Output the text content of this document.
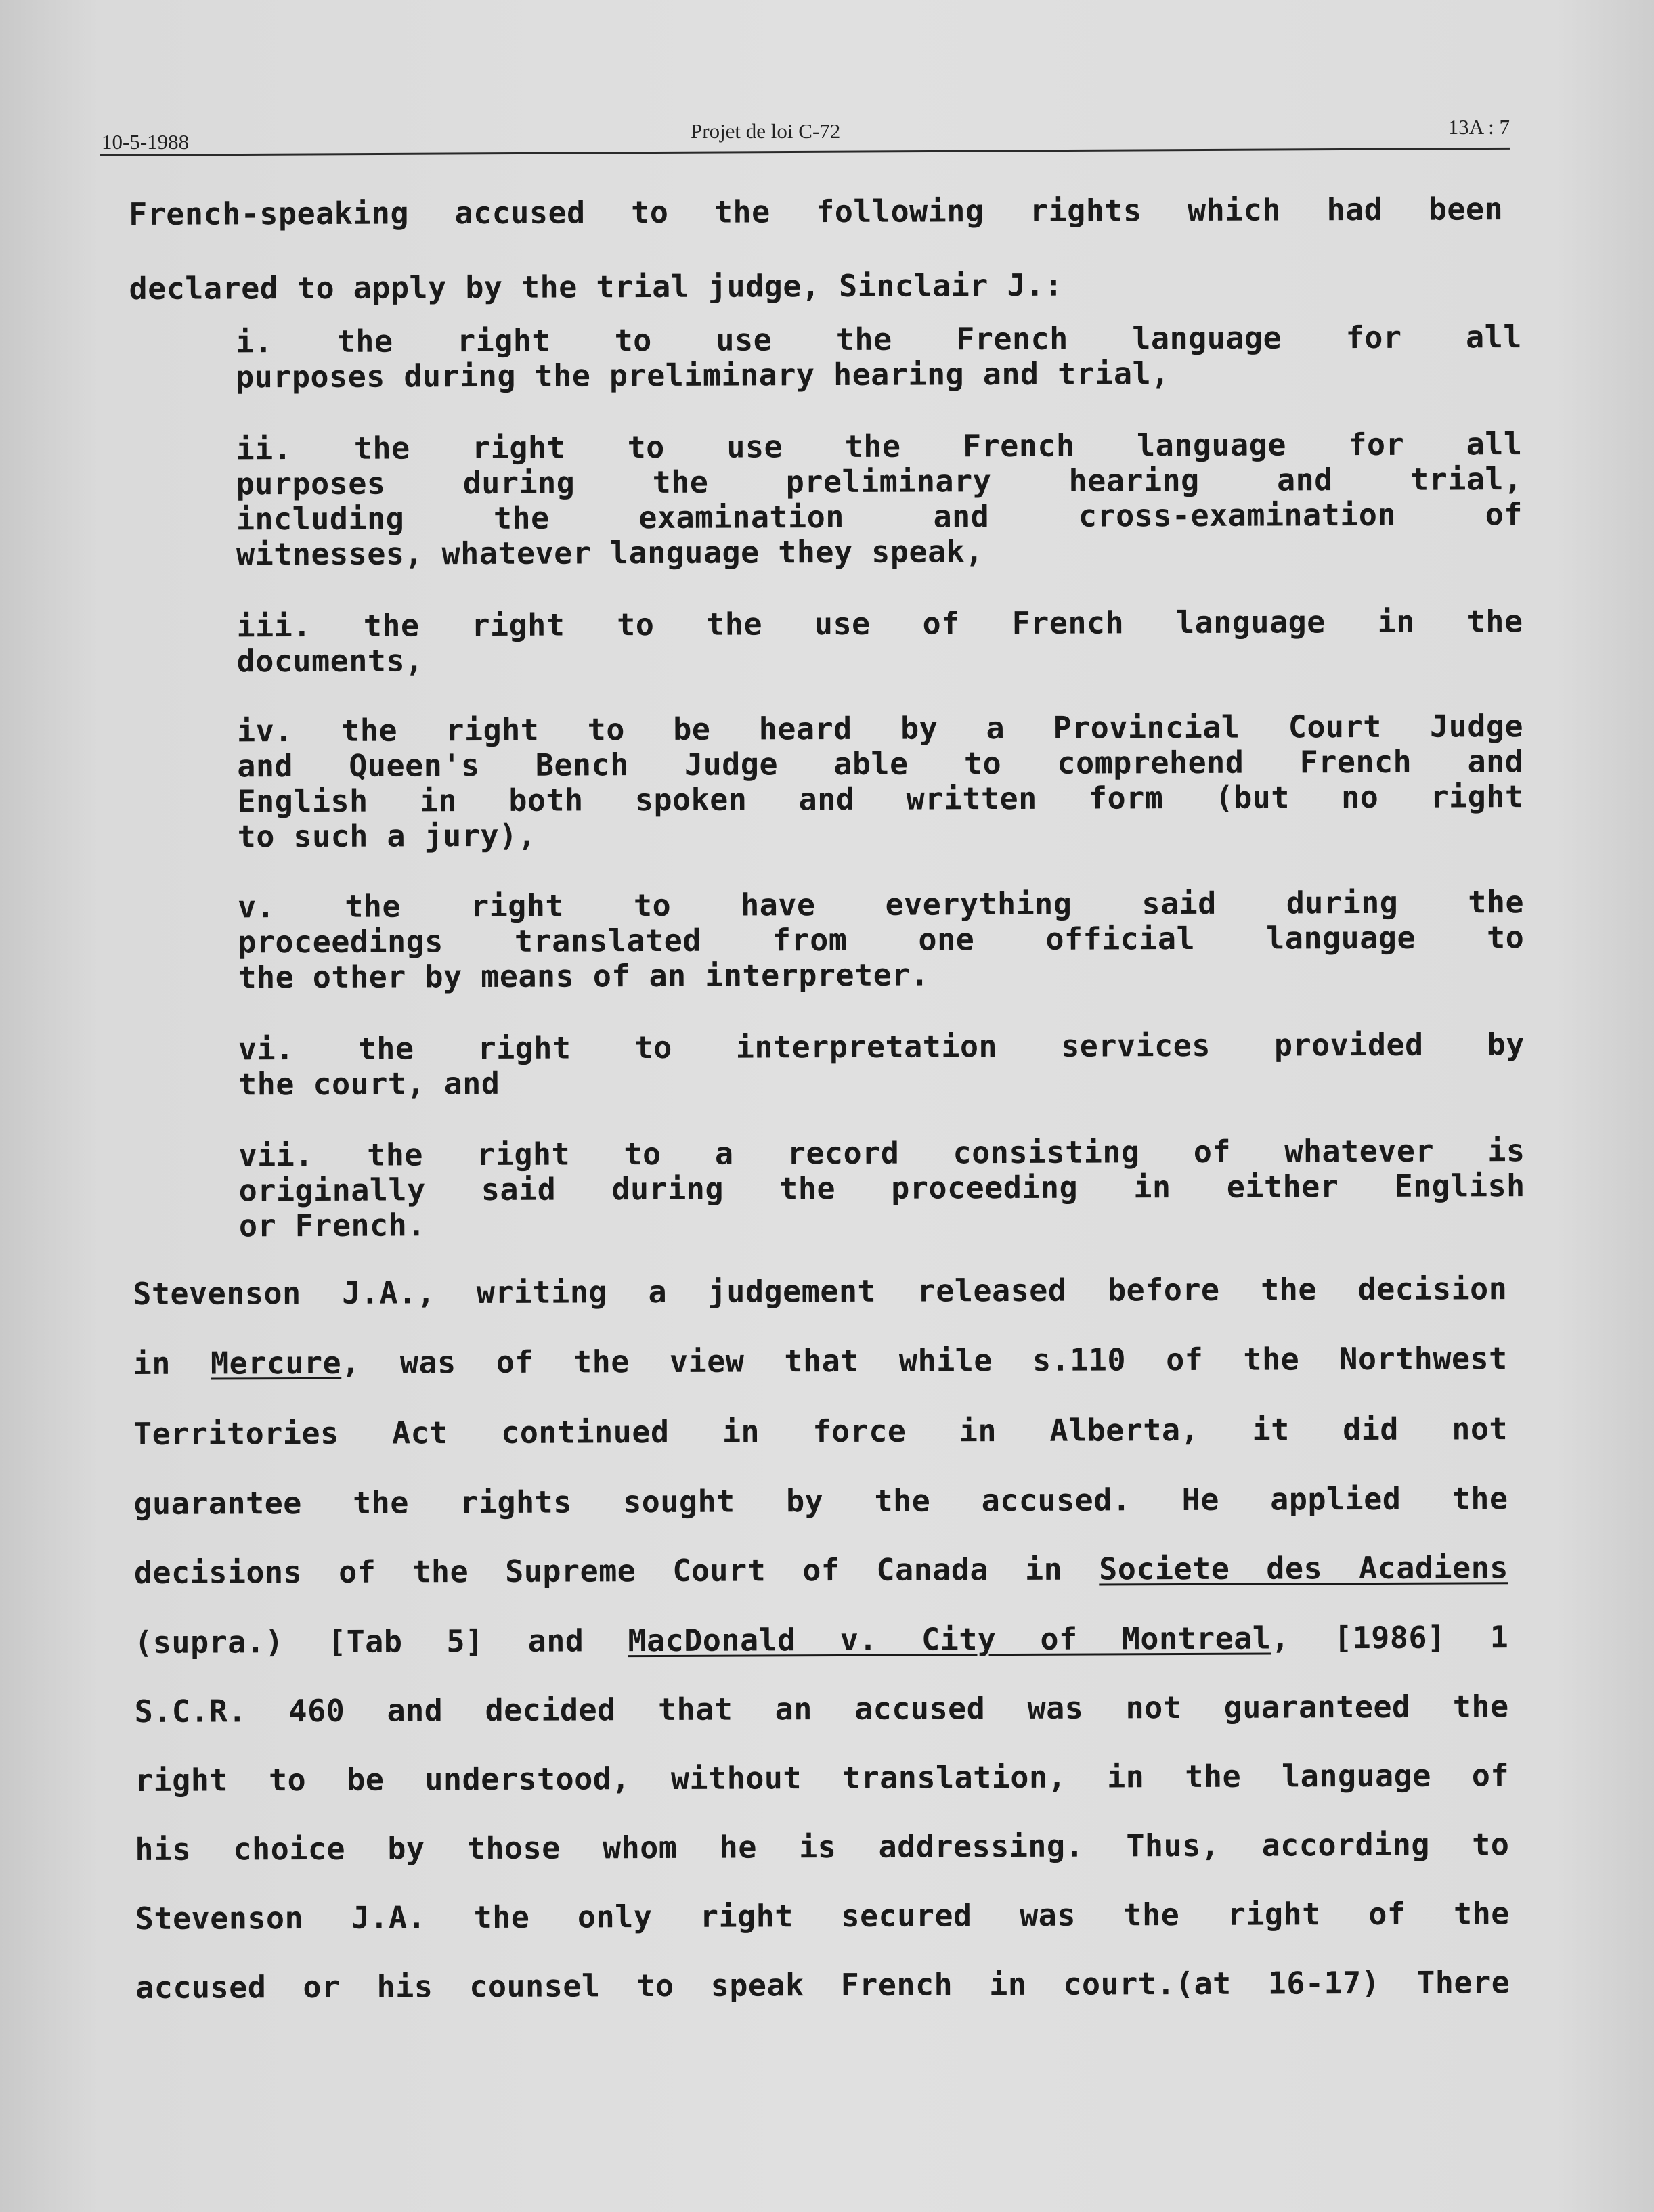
10-5-1988	Projet de loi C-72	13A : 7
French-speaking accused to the following rights which had been
declared to apply by the trial judge, Sinclair J.:
i. the right to use the French language for all
purposes during the preliminary hearing and trial,
ii. the right to use the French language for all
purposes during the preliminary hearing and trial,
including the examination and cross-examination of
witnesses, whatever language they speak,
iii. the right to the use of French language in the
documents,
iv. the right to be heard by a Provincial Court Judge
and Queen's Bench Judge able to comprehend French and
English in both spoken and written form (but no right
to such a jury),
v. the right to have everything said during the
proceedings translated from one official language to
the other by means of an interpreter.
vi. the right to interpretation services provided by
the court, and
vii. the right to a record consisting of whatever is
originally said during the proceeding in either English
or French.
Stevenson J.A., writing a judgement released before the decision
in Mercure, was of the view that while s.110 of the Northwest
Territories Act continued in force in Alberta, it did not
guarantee the rights sought by the accused. He applied the
decisions of the Supreme Court of Canada in Societe des Acadiens
(supra.) [Tab 5] and MacDonald v. City of Montreal, [1986] 1
S.C.R. 460 and decided that an accused was not guaranteed the
right to be understood, without translation, in the language of
his choice by those whom he is addressing. Thus, according to
Stevenson J.A. the only right secured was the right of the
accused or his counsel to speak French in court.(at 16-17) There
